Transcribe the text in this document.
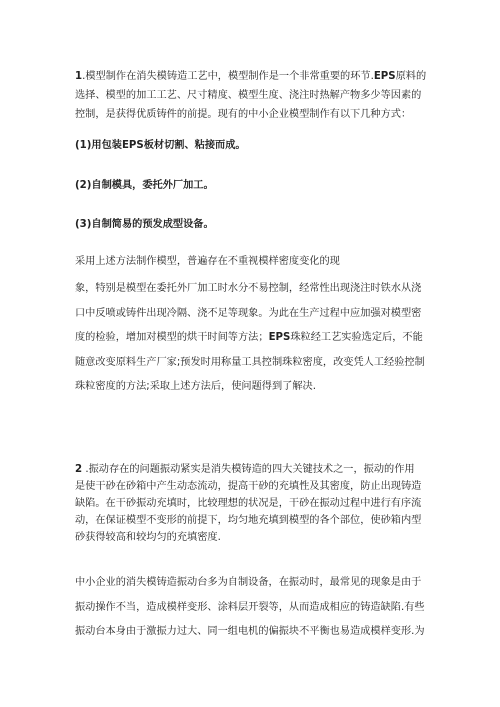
1.模型制作在消失模铸造工艺中，模型制作是一个非常重要的环节.EPS原料的
选择、模型的加工工艺、尺寸精度、模型生度、浇注时热解产物多少等因素的
控制，是获得优质铸件的前提。现有的中小企业模型制作有以下几种方式：
(1)用包装EPS板材切割、粘接而成。
(2)自制模具，委托外厂加工。
(3)自制简易的预发成型设备。
采用上述方法制作模型，普遍存在不重视模样密度变化的现
象，特别是模型在委托外厂加工时水分不易控制，经常性出现浇注时铁水从浇
口中反喷或铸件出现冷隔、浇不足等现象。为此在生产过程中应加强对模型密
度的检验，增加对模型的烘干时间等方法；EPS珠粒经工艺实验选定后，不能
随意改变原料生产厂家;预发时用称量工具控制珠粒密度，改变凭人工经验控制
珠粒密度的方法;采取上述方法后，使问题得到了解决.
2 .振动存在的问题振动紧实是消失模铸造的四大关键技术之一，振动的作用
是使干砂在砂箱中产生动态流动，提高干砂的充填性及其密度，防止出现铸造
缺陷。在干砂振动充填时，比较理想的状况是，干砂在振动过程中进行有序流
动，在保证模型不变形的前提下，均匀地充填到模型的各个部位，使砂箱内型
砂获得较高和较均匀的充填密度.
中小企业的消失模铸造振动台多为自制设备，在振动时，最常见的现象是由于
振动操作不当，造成模样变形、涂料层开裂等，从而造成相应的铸造缺陷.有些
振动台本身由于激振力过大、同一组电机的偏振块不平衡也易造成模样变形.为
